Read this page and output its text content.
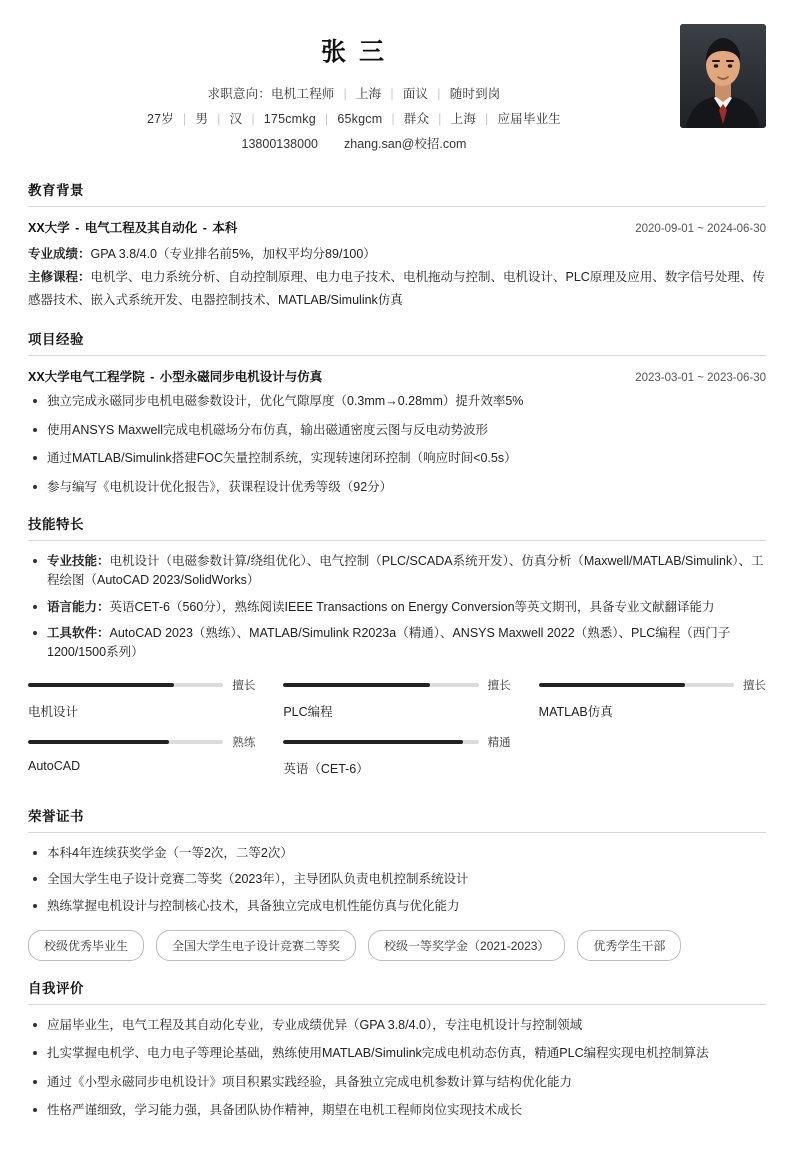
张 三
求职意向：电机工程师 | 上海 | 面议 | 随时到岗
27岁 | 男 | 汉 | 175cmkg | 65kgcm | 群众 | 上海 | 应届毕业生
13800138000 zhang.san@校招.com
教育背景
XX大学 - 电气工程及其自动化 - 本科	2020-09-01 ~ 2024-06-30
专业成绩：GPA 3.8/4.0（专业排名前5%，加权平均分89/100）
主修课程：电机学、电力系统分析、自动控制原理、电力电子技术、电机拖动与控制、电机设计、PLC原理及应用、数字信号处理、传感器技术、嵌入式系统开发、电器控制技术、MATLAB/Simulink仿真
项目经验
XX大学电气工程学院 - 小型永磁同步电机设计与仿真	2023-03-01 ~ 2023-06-30
独立完成永磁同步电机电磁参数设计，优化气隙厚度（0.3mm→0.28mm）提升效率5%
使用ANSYS Maxwell完成电机磁场分布仿真，输出磁通密度云图与反电动势波形
通过MATLAB/Simulink搭建FOC矢量控制系统，实现转速闭环控制（响应时间<0.5s）
参与编写《电机设计优化报告》，获课程设计优秀等级（92分）
技能特长
专业技能：电机设计（电磁参数计算/绕组优化）、电气控制（PLC/SCADA系统开发）、仿真分析（Maxwell/MATLAB/Simulink）、工程绘图（AutoCAD 2023/SolidWorks）
语言能力：英语CET-6（560分），熟练阅读IEEE Transactions on Energy Conversion等英文期刊，具备专业文献翻译能力
工具软件：AutoCAD 2023（熟练）、MATLAB/Simulink R2023a（精通）、ANSYS Maxwell 2022（熟悉）、PLC编程（西门子1200/1500系列）
擅长
电机设计
擅长
PLC编程
擅长
MATLAB仿真
熟练
AutoCAD
精通
英语（CET-6）
荣誉证书
本科4年连续获奖学金（一等2次，二等2次）
全国大学生电子设计竞赛二等奖（2023年），主导团队负责电机控制系统设计
熟练掌握电机设计与控制核心技术，具备独立完成电机性能仿真与优化能力
校级优秀毕业生	全国大学生电子设计竞赛二等奖	校级一等奖学金（2021-2023）	优秀学生干部
自我评价
应届毕业生，电气工程及其自动化专业，专业成绩优异（GPA 3.8/4.0），专注电机设计与控制领域
扎实掌握电机学、电力电子等理论基础，熟练使用MATLAB/Simulink完成电机动态仿真，精通PLC编程实现电机控制算法
通过《小型永磁同步电机设计》项目积累实践经验，具备独立完成电机参数计算与结构优化能力
性格严谨细致，学习能力强，具备团队协作精神，期望在电机工程师岗位实现技术成长
